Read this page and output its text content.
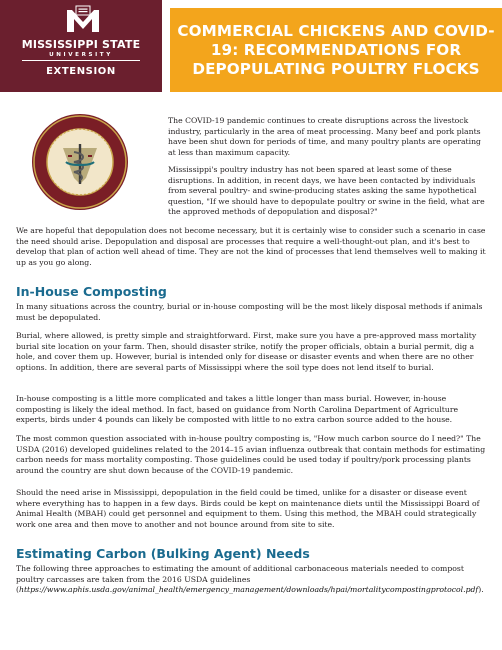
MISSISSIPPI STATE
UNIVERSITY
EXTENSION
COMMERCIAL CHICKENS AND COVID-19: RECOMMENDATIONS FOR DEPOPULATING POULTRY FLOCKS

The COVID-19 pandemic continues to create disruptions across the livestock industry, particularly in the area of meat processing. Many beef and pork plants have been shut down for periods of time, and many poultry plants are operating at less than maximum capacity.

Mississippi's poultry industry has not been spared at least some of these disruptions. In addition, in recent days, we have been contacted by individuals from several poultry- and swine-producing states asking the same hypothetical question, "If we should have to depopulate poultry or swine in the field, what are the approved methods of depopulation and disposal?"

We are hopeful that depopulation does not become necessary, but it is certainly wise to consider such a scenario in case the need should arise. Depopulation and disposal are processes that require a well-thought-out plan, and it's best to develop that plan of action well ahead of time. They are not the kind of processes that lend themselves well to making it up as you go along.

In-House Composting

In many situations across the country, burial or in-house composting will be the most likely disposal methods if animals must be depopulated.

Burial, where allowed, is pretty simple and straightforward. First, make sure you have a pre-approved mass mortality burial site location on your farm. Then, should disaster strike, notify the proper officials, obtain a burial permit, dig a hole, and cover them up. However, burial is intended only for disease or disaster events and when there are no other options. In addition, there are several parts of Mississippi where the soil type does not lend itself to burial.

In-house composting is a little more complicated and takes a little longer than mass burial. However, in-house composting is likely the ideal method. In fact, based on guidance from North Carolina Department of Agriculture experts, birds under 4 pounds can likely be composted with little to no extra carbon source added to the house.

The most common question associated with in-house poultry composting is, "How much carbon source do I need?" The USDA (2016) developed guidelines related to the 2014–15 avian influenza outbreak that contain methods for estimating carbon needs for mass mortality composting. Those guidelines could be used today if poultry/pork processing plants around the country are shut down because of the COVID-19 pandemic.

Should the need arise in Mississippi, depopulation in the field could be timed, unlike for a disaster or disease event where everything has to happen in a few days. Birds could be kept on maintenance diets until the Mississippi Board of Animal Health (MBAH) could get personnel and equipment to them. Using this method, the MBAH could strategically work one area and then move to another and not bounce around from site to site.

Estimating Carbon (Bulking Agent) Needs

The following three approaches to estimating the amount of additional carbonaceous materials needed to compost poultry carcasses are taken from the 2016 USDA guidelines (https://www.aphis.usda.gov/animal_health/emergency_management/downloads/hpai/mortalitycompostingprotocol.pdf).
